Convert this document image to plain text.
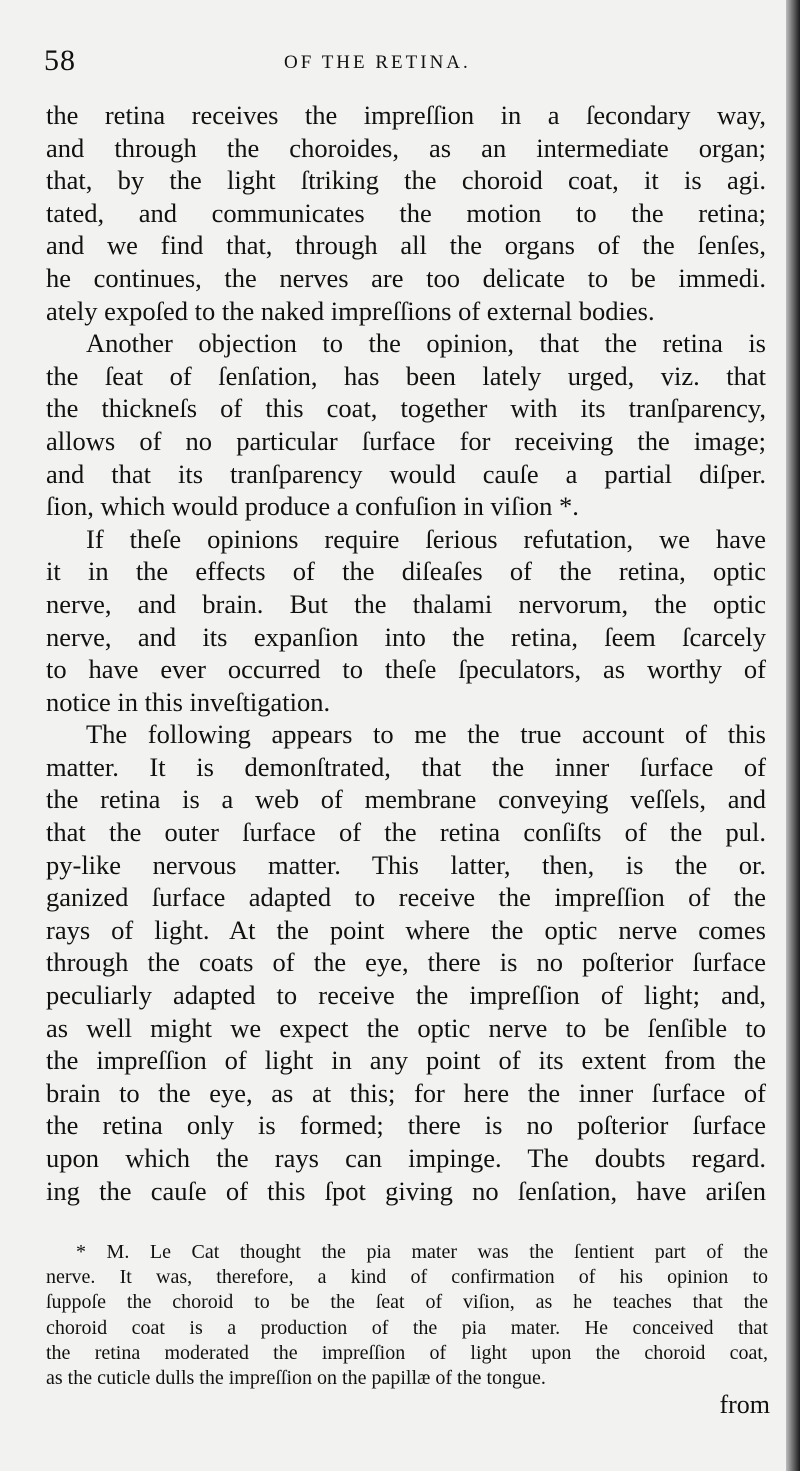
58	OF THE RETINA.
the retina receives the impreſſion in a ſecondary way,
and through the choroides, as an intermediate organ;
that, by the light ſtriking the choroid coat, it is agi.
tated, and communicates the motion to the retina;
and we find that, through all the organs of the ſenſes,
he continues, the nerves are too delicate to be immedi.
ately expoſed to the naked impreſſions of external bodies.
Another objection to the opinion, that the retina is
the ſeat of ſenſation, has been lately urged, viz. that
the thickneſs of this coat, together with its tranſparency,
allows of no particular ſurface for receiving the image;
and that its tranſparency would cauſe a partial diſper.
ſion, which would produce a confuſion in viſion *.
If theſe opinions require ſerious refutation, we have
it in the effects of the diſeaſes of the retina, optic
nerve, and brain. But the thalami nervorum, the optic
nerve, and its expanſion into the retina, ſeem ſcarcely
to have ever occurred to theſe ſpeculators, as worthy of
notice in this inveſtigation.
The following appears to me the true account of this
matter. It is demonſtrated, that the inner ſurface of
the retina is a web of membrane conveying veſſels, and
that the outer ſurface of the retina conſiſts of the pul.
py-like nervous matter. This latter, then, is the or.
ganized ſurface adapted to receive the impreſſion of the
rays of light. At the point where the optic nerve comes
through the coats of the eye, there is no poſterior ſurface
peculiarly adapted to receive the impreſſion of light; and,
as well might we expect the optic nerve to be ſenſible to
the impreſſion of light in any point of its extent from the
brain to the eye, as at this; for here the inner ſurface of
the retina only is formed; there is no poſterior ſurface
upon which the rays can impinge. The doubts regard.
ing the cauſe of this ſpot giving no ſenſation, have ariſen
* M. Le Cat thought the pia mater was the ſentient part of the
nerve. It was, therefore, a kind of confirmation of his opinion to
ſuppoſe the choroid to be the ſeat of viſion, as he teaches that the
choroid coat is a production of the pia mater. He conceived that
the retina moderated the impreſſion of light upon the choroid coat,
as the cuticle dulls the impreſſion on the papillæ of the tongue.
from
